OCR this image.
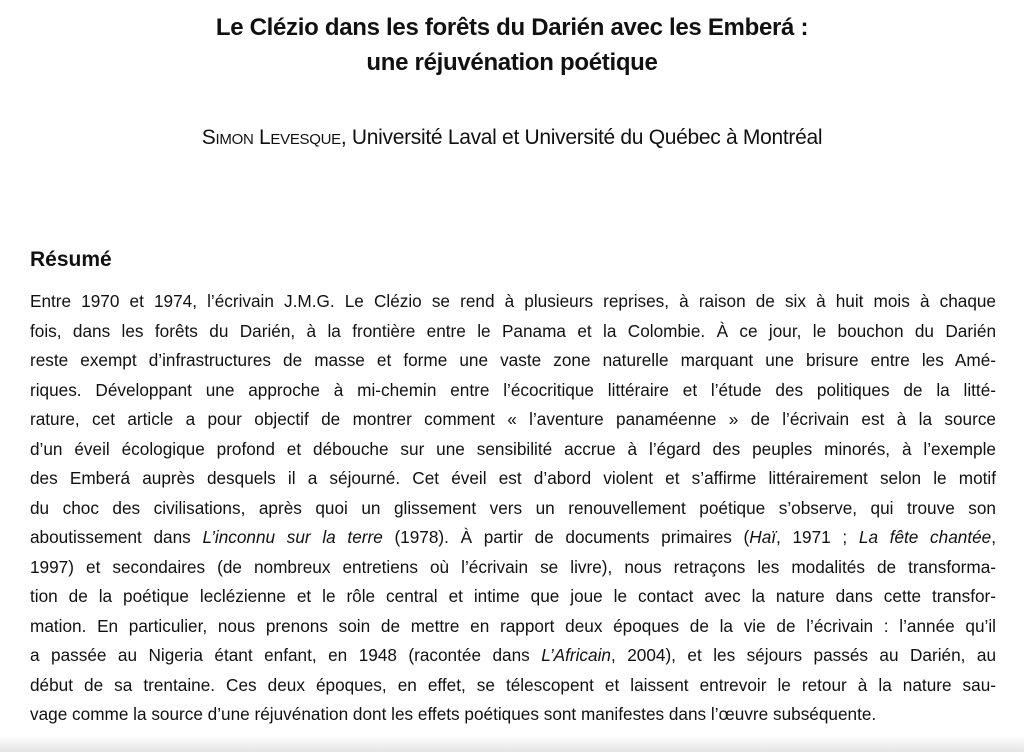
Le Clézio dans les forêts du Darién avec les Emberá :
une réjuvénation poétique
Simon Levesque, Université Laval et Université du Québec à Montréal
Résumé
Entre 1970 et 1974, l’écrivain J.M.G. Le Clézio se rend à plusieurs reprises, à raison de six à huit mois à chaque
fois, dans les forêts du Darién, à la frontière entre le Panama et la Colombie. À ce jour, le bouchon du Darién
reste exempt d’infrastructures de masse et forme une vaste zone naturelle marquant une brisure entre les Amé-
riques. Développant une approche à mi-chemin entre l’écocritique littéraire et l’étude des politiques de la litté-
rature, cet article a pour objectif de montrer comment « l’aventure panaméenne » de l’écrivain est à la source
d’un éveil écologique profond et débouche sur une sensibilité accrue à l’égard des peuples minorés, à l’exemple
des Emberá auprès desquels il a séjourné. Cet éveil est d’abord violent et s’affirme littérairement selon le motif
du choc des civilisations, après quoi un glissement vers un renouvellement poétique s’observe, qui trouve son
aboutissement dans L’inconnu sur la terre (1978). À partir de documents primaires (Haï, 1971 ; La fête chantée,
1997) et secondaires (de nombreux entretiens où l’écrivain se livre), nous retraçons les modalités de transforma-
tion de la poétique leclézienne et le rôle central et intime que joue le contact avec la nature dans cette transfor-
mation. En particulier, nous prenons soin de mettre en rapport deux époques de la vie de l’écrivain : l’année qu’il
a passée au Nigeria étant enfant, en 1948 (racontée dans L’Africain, 2004), et les séjours passés au Darién, au
début de sa trentaine. Ces deux époques, en effet, se télescopent et laissent entrevoir le retour à la nature sau-
vage comme la source d’une réjuvénation dont les effets poétiques sont manifestes dans l’œuvre subséquente.
